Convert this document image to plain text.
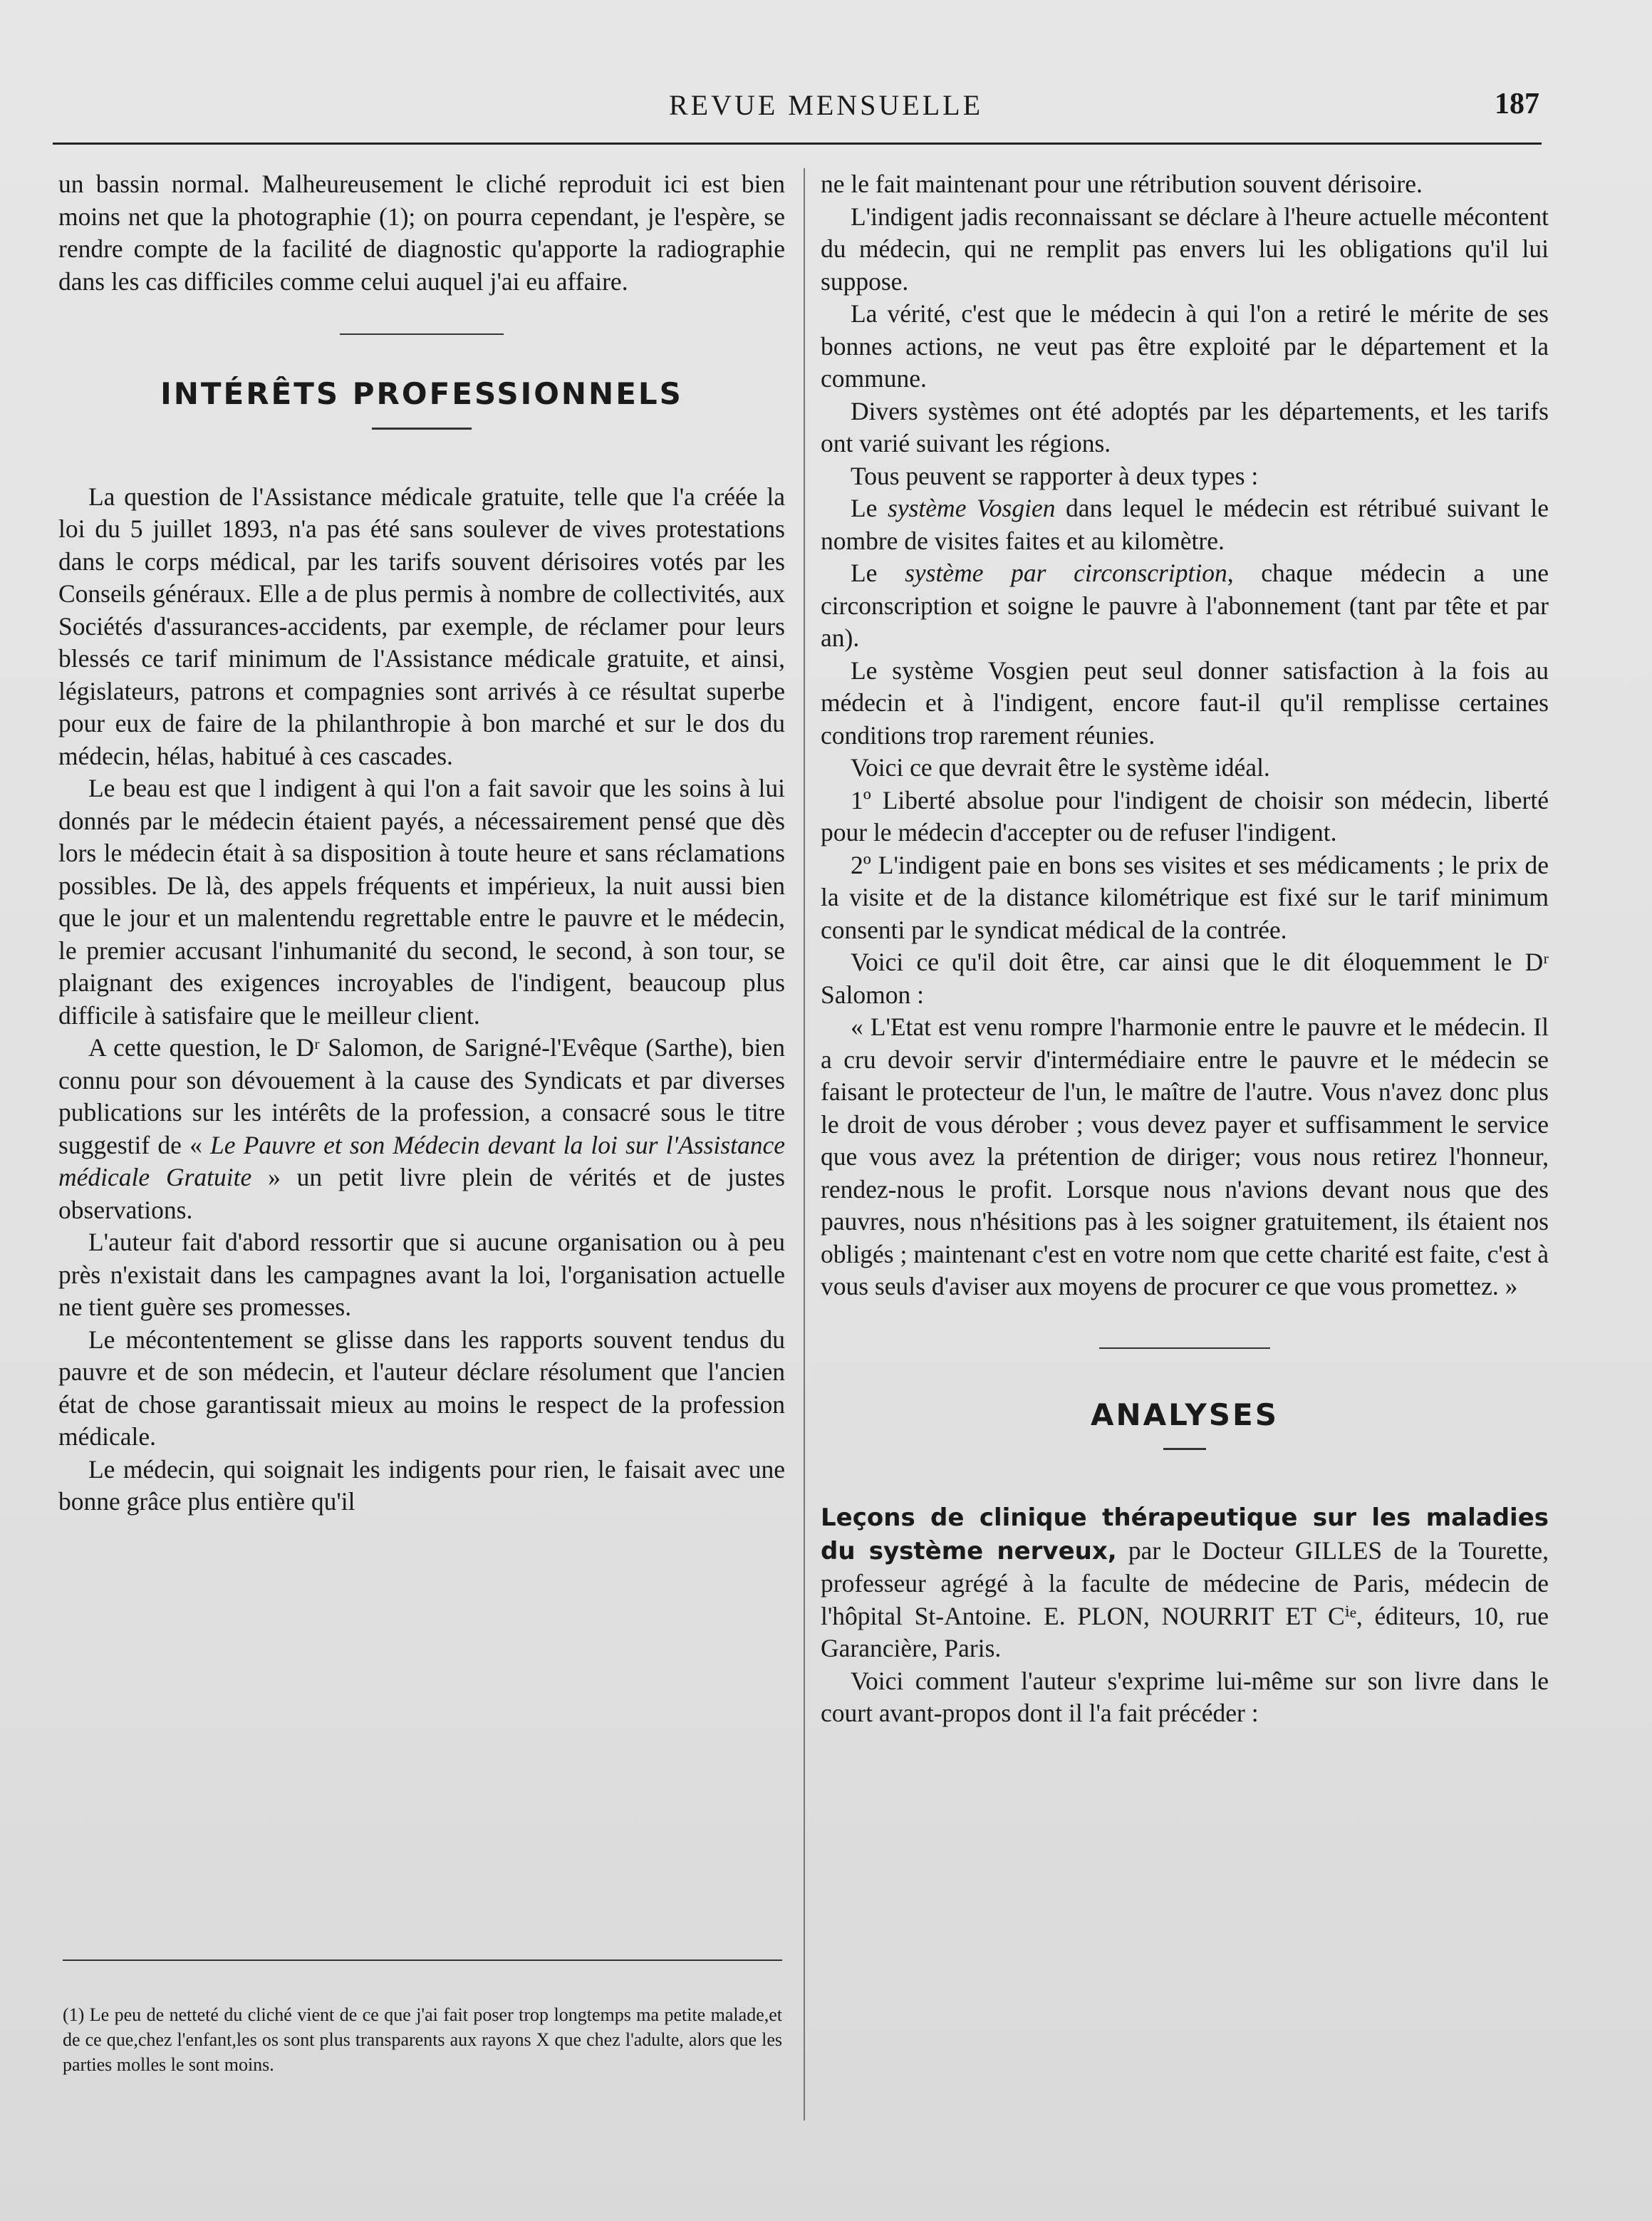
REVUE MENSUELLE	187

un bassin normal. Malheureusement le cliché reproduit ici est bien moins net que la photographie (1); on pourra cependant, je l'espère, se rendre compte de la facilité de diagnostic qu'apporte la radiographie dans les cas difficiles comme celui auquel j'ai eu affaire.

INTÉRÊTS PROFESSIONNELS

La question de l'Assistance médicale gratuite, telle que l'a créée la loi du 5 juillet 1893, n'a pas été sans soulever de vives protestations dans le corps médical, par les tarifs souvent dérisoires votés par les Conseils généraux. Elle a de plus permis à nombre de collectivités, aux Sociétés d'assurances-accidents, par exemple, de réclamer pour leurs blessés ce tarif minimum de l'Assistance médicale gratuite, et ainsi, législateurs, patrons et compagnies sont arrivés à ce résultat superbe pour eux de faire de la philanthropie à bon marché et sur le dos du médecin, hélas, habitué à ces cascades.

Le beau est que l indigent à qui l'on a fait savoir que les soins à lui donnés par le médecin étaient payés, a nécessairement pensé que dès lors le médecin était à sa disposition à toute heure et sans réclamations possibles. De là, des appels fréquents et impérieux, la nuit aussi bien que le jour et un malentendu regrettable entre le pauvre et le médecin, le premier accusant l'inhumanité du second, le second, à son tour, se plaignant des exigences incroyables de l'indigent, beaucoup plus difficile à satisfaire que le meilleur client.

A cette question, le Dʳ Salomon, de Sarigné-l'Evêque (Sarthe), bien connu pour son dévouement à la cause des Syndicats et par diverses publications sur les intérêts de la profession, a consacré sous le titre suggestif de « Le Pauvre et son Médecin devant la loi sur l'Assistance médicale Gratuite » un petit livre plein de vérités et de justes observations.

L'auteur fait d'abord ressortir que si aucune organisation ou à peu près n'existait dans les campagnes avant la loi, l'organisation actuelle ne tient guère ses promesses.

Le mécontentement se glisse dans les rapports souvent tendus du pauvre et de son médecin, et l'auteur déclare résolument que l'ancien état de chose garantissait mieux au moins le respect de la profession médicale.

Le médecin, qui soignait les indigents pour rien, le faisait avec une bonne grâce plus entière qu'il

(1) Le peu de netteté du cliché vient de ce que j'ai fait poser trop longtemps ma petite malade,et de ce que,chez l'enfant,les os sont plus transparents aux rayons X que chez l'adulte, alors que les parties molles le sont moins.

ne le fait maintenant pour une rétribution souvent dérisoire.

L'indigent jadis reconnaissant se déclare à l'heure actuelle mécontent du médecin, qui ne remplit pas envers lui les obligations qu'il lui suppose.

La vérité, c'est que le médecin à qui l'on a retiré le mérite de ses bonnes actions, ne veut pas être exploité par le département et la commune.

Divers systèmes ont été adoptés par les départements, et les tarifs ont varié suivant les régions.

Tous peuvent se rapporter à deux types :

Le système Vosgien dans lequel le médecin est rétribué suivant le nombre de visites faites et au kilomètre.

Le système par circonscription, chaque médecin a une circonscription et soigne le pauvre à l'abonnement (tant par tête et par an).

Le système Vosgien peut seul donner satisfaction à la fois au médecin et à l'indigent, encore faut-il qu'il remplisse certaines conditions trop rarement réunies.

Voici ce que devrait être le système idéal.

1º Liberté absolue pour l'indigent de choisir son médecin, liberté pour le médecin d'accepter ou de refuser l'indigent.

2º L'indigent paie en bons ses visites et ses médicaments ; le prix de la visite et de la distance kilométrique est fixé sur le tarif minimum consenti par le syndicat médical de la contrée.

Voici ce qu'il doit être, car ainsi que le dit éloquemment le Dʳ Salomon :

« L'Etat est venu rompre l'harmonie entre le pauvre et le médecin. Il a cru devoir servir d'intermédiaire entre le pauvre et le médecin se faisant le protecteur de l'un, le maître de l'autre. Vous n'avez donc plus le droit de vous dérober ; vous devez payer et suffisamment le service que vous avez la prétention de diriger; vous nous retirez l'honneur, rendez-nous le profit. Lorsque nous n'avions devant nous que des pauvres, nous n'hésitions pas à les soigner gratuitement, ils étaient nos obligés ; maintenant c'est en votre nom que cette charité est faite, c'est à vous seuls d'aviser aux moyens de procurer ce que vous promettez. »

ANALYSES

Leçons de clinique thérapeutique sur les maladies du système nerveux, par le Docteur GILLES de la Tourette, professeur agrégé à la faculte de médecine de Paris, médecin de l'hôpital St-Antoine. E. PLON, NOURRIT ET Cⁱᵉ, éditeurs, 10, rue Garancière, Paris.

Voici comment l'auteur s'exprime lui-même sur son livre dans le court avant-propos dont il l'a fait précéder :
